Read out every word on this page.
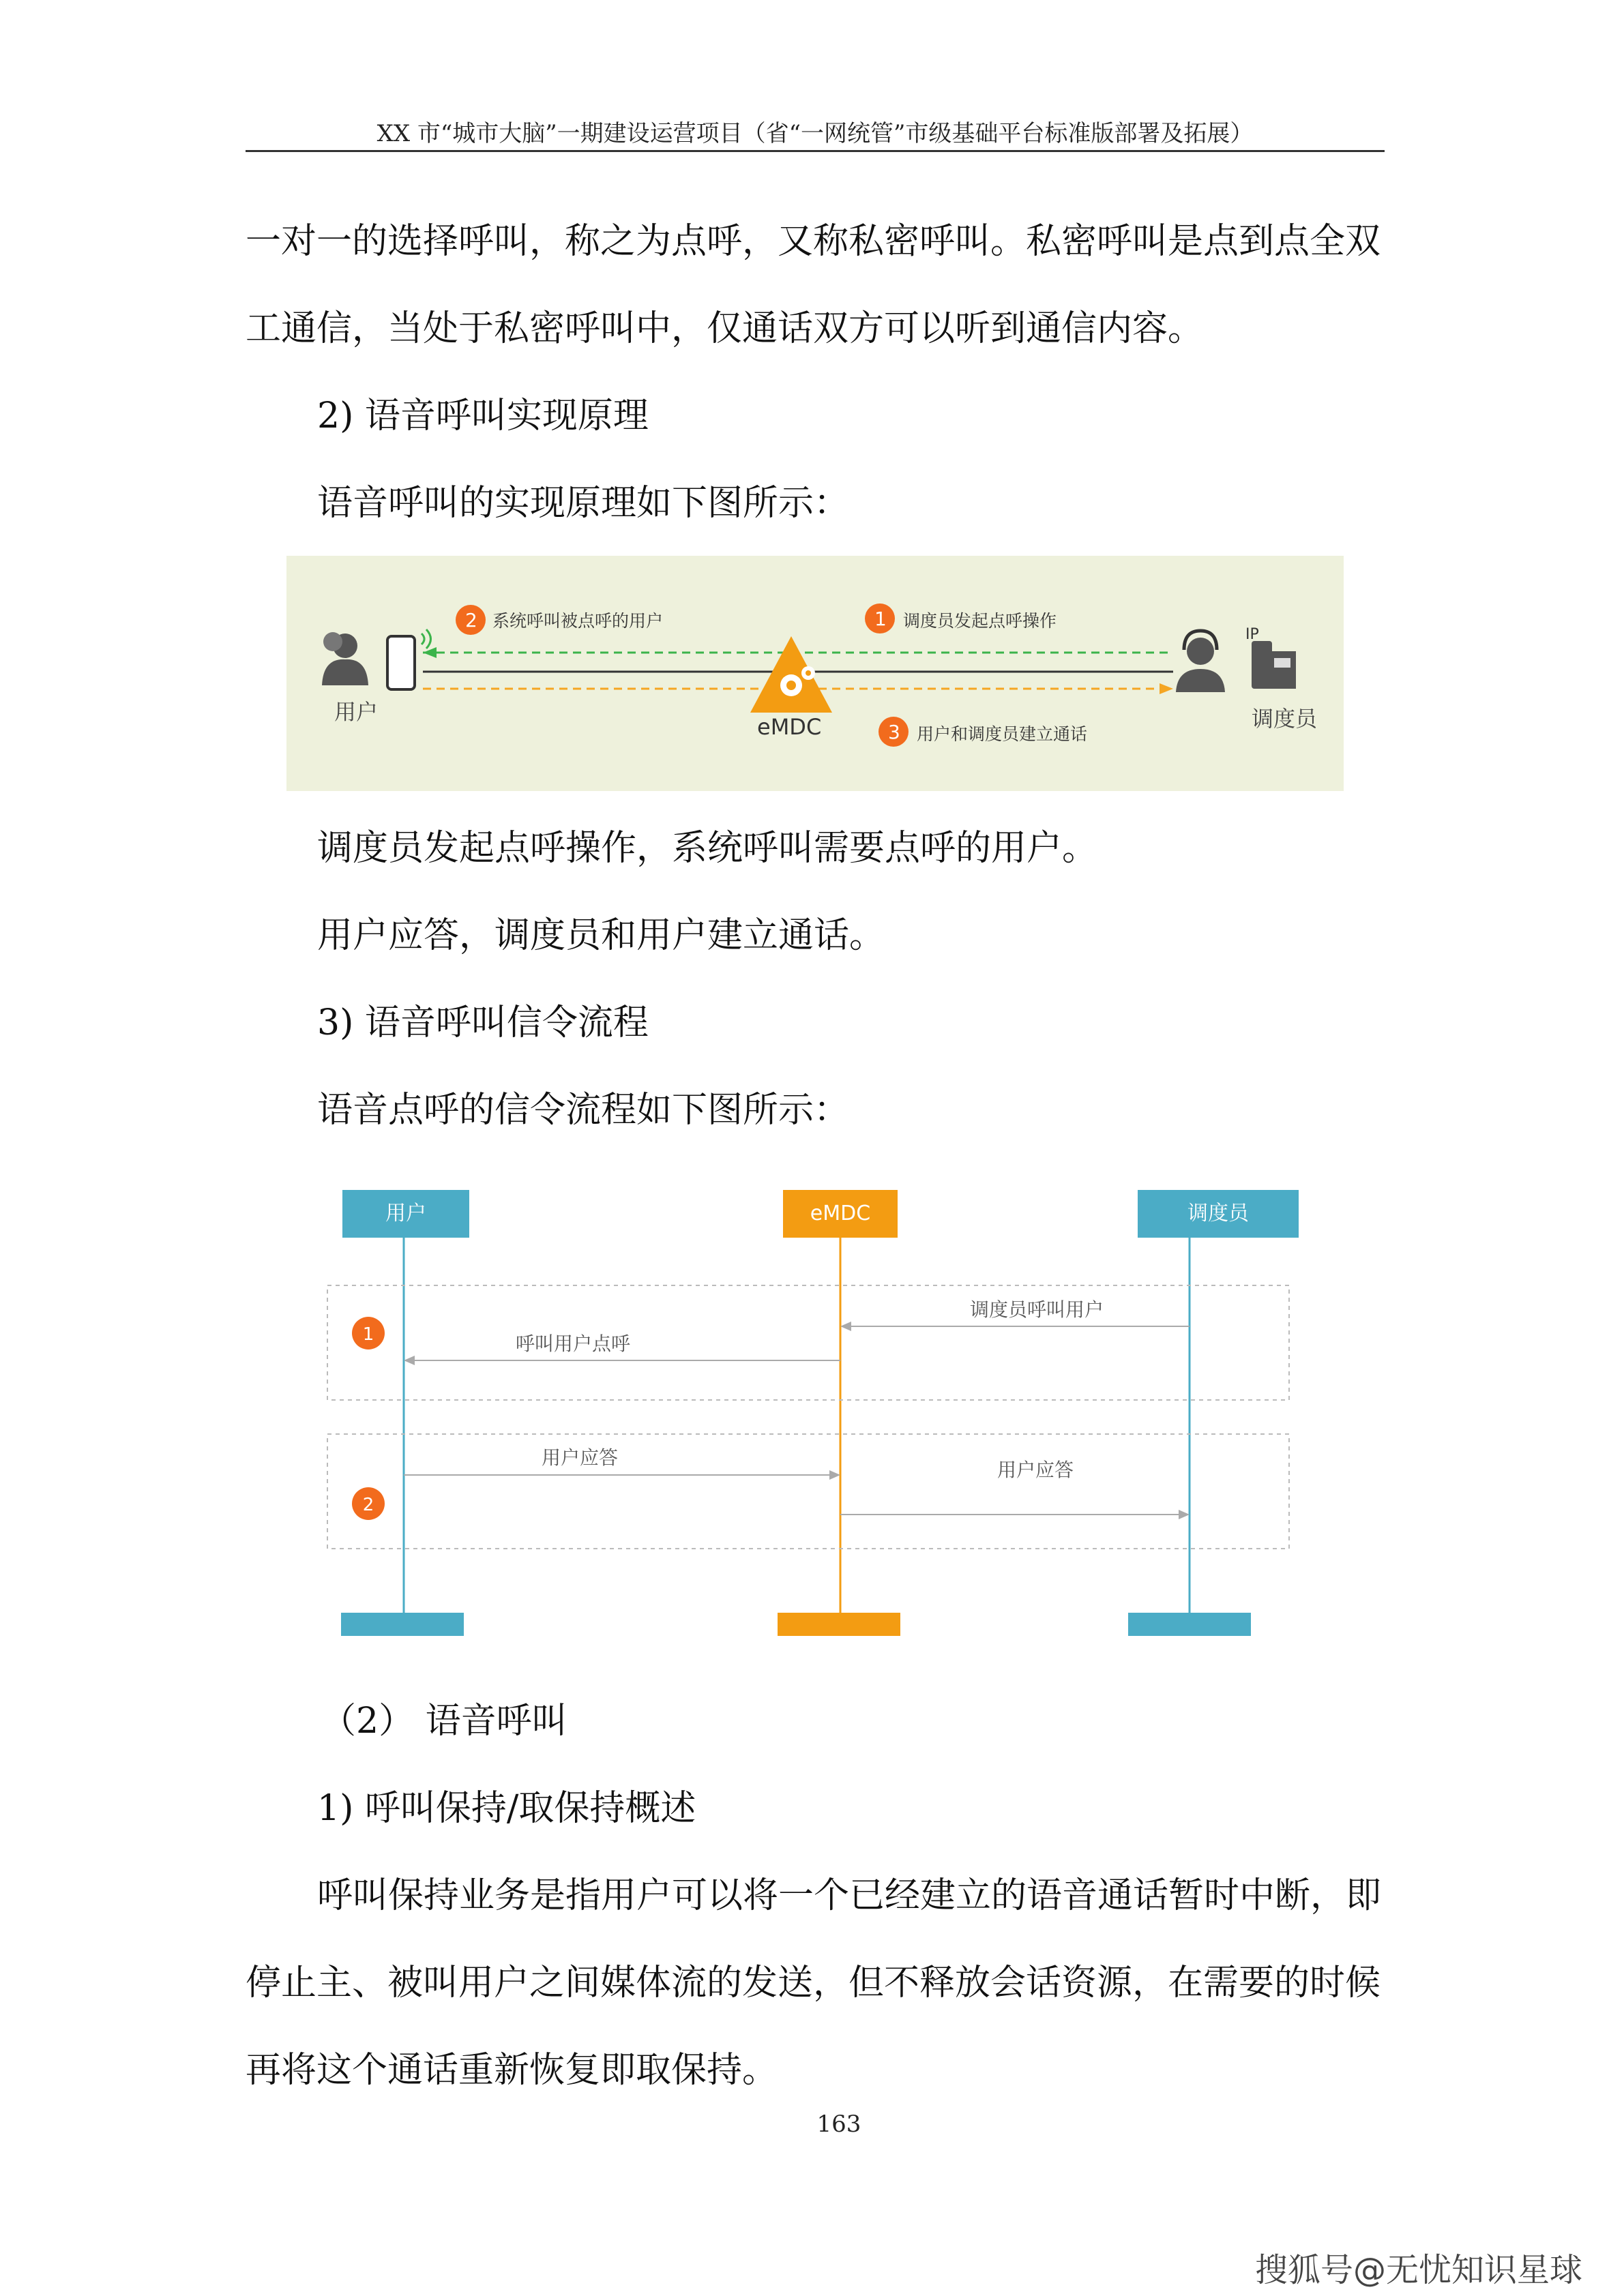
XX 市“城市大脑”一期建设运营项目（省“一网统管”市级基础平台标准版部署及拓展）
一对一的选择呼叫，称之为点呼，又称私密呼叫。私密呼叫是点到点全双
工通信，当处于私密呼叫中，仅通话双方可以听到通信内容。
2) 语音呼叫实现原理
语音呼叫的实现原理如下图所示：
用户
eMDC
2 系统呼叫被点呼的用户	1 调度员发起点呼操作
3 用户和调度员建立通话
IP
调度员
调度员发起点呼操作，系统呼叫需要点呼的用户。
用户应答，调度员和用户建立通话。
3) 语音呼叫信令流程
语音点呼的信令流程如下图所示：
用户	eMDC	调度员
1
调度员呼叫用户
呼叫用户点呼
2
用户应答
用户应答
（2） 语音呼叫
1) 呼叫保持/取保持概述
呼叫保持业务是指用户可以将一个已经建立的语音通话暂时中断，即
停止主、被叫用户之间媒体流的发送，但不释放会话资源，在需要的时候
再将这个通话重新恢复即取保持。
163
搜狐号@无忧知识星球
